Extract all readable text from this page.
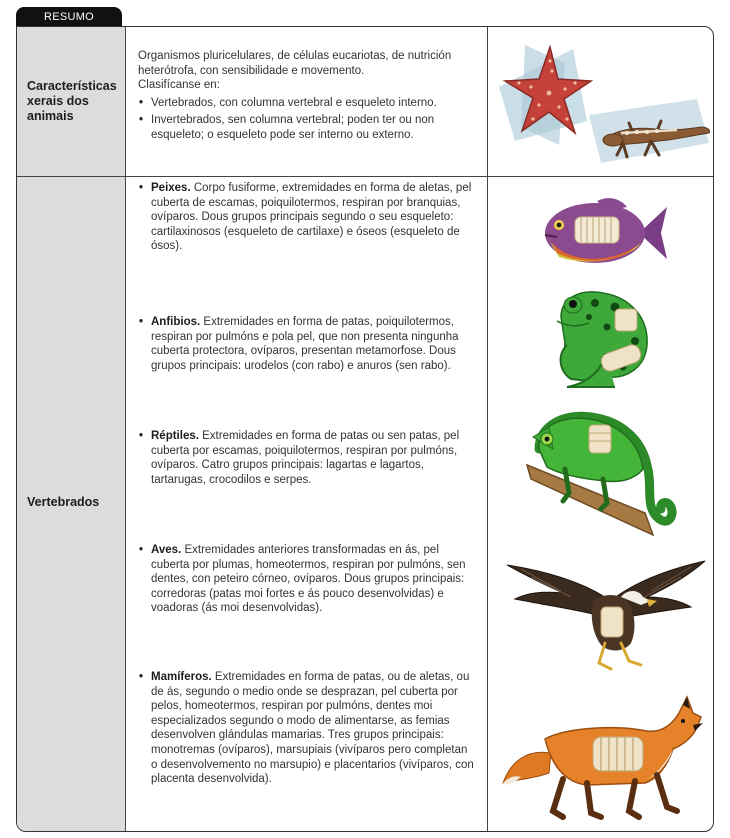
RESUMO
Características xerais dos animais
Vertebrados

Organismos pluricelulares, de células eucariotas, de nutrición heterótrofa, con sensibilidade e movemento.

Clasifícanse en:

• Vertebrados, con columna vertebral e esqueleto interno.

• Invertebrados, sen columna vertebral; poden ter ou non esqueleto; o esqueleto pode ser interno ou externo.

• Peixes. Corpo fusiforme, extremidades en forma de aletas, pel cuberta de escamas, poiquilotermos, respiran por branquias, ovíparos. Dous grupos principais segundo o seu esqueleto: cartilaxinosos (esqueleto de cartilaxe) e óseos (esqueleto de ósos).

• Anfibios. Extremidades en forma de patas, poiquilotermos, respiran por pulmóns e pola pel, que non presenta ningunha cuberta protectora, ovíparos, presentan metamorfose. Dous grupos principais: urodelos (con rabo) e anuros (sen rabo).

• Réptiles. Extremidades en forma de patas ou sen patas, pel cuberta por escamas, poiquilotermos, respiran por pulmóns, ovíparos. Catro grupos principais: lagartas e lagartos, tartarugas, crocodilos e serpes.

• Aves. Extremidades anteriores transformadas en ás, pel cuberta por plumas, homeotermos, respiran por pulmóns, sen dentes, con peteiro córneo, ovíparos. Dous grupos principais: corredoras (patas moi fortes e ás pouco desenvolvidas) e voadoras (ás moi desenvolvidas).

• Mamíferos. Extremidades en forma de patas, ou de aletas, ou de ás, segundo o medio onde se desprazan, pel cuberta por pelos, homeotermos, respiran por pulmóns, dentes moi especializados segundo o modo de alimentarse, as femias desenvolven glándulas mamarias. Tres grupos principais: monotremas (ovíparos), marsupiais (vivíparos pero completan o desenvolvemento no marsupio) e placentarios (vivíparos, con placenta desenvolvida).
